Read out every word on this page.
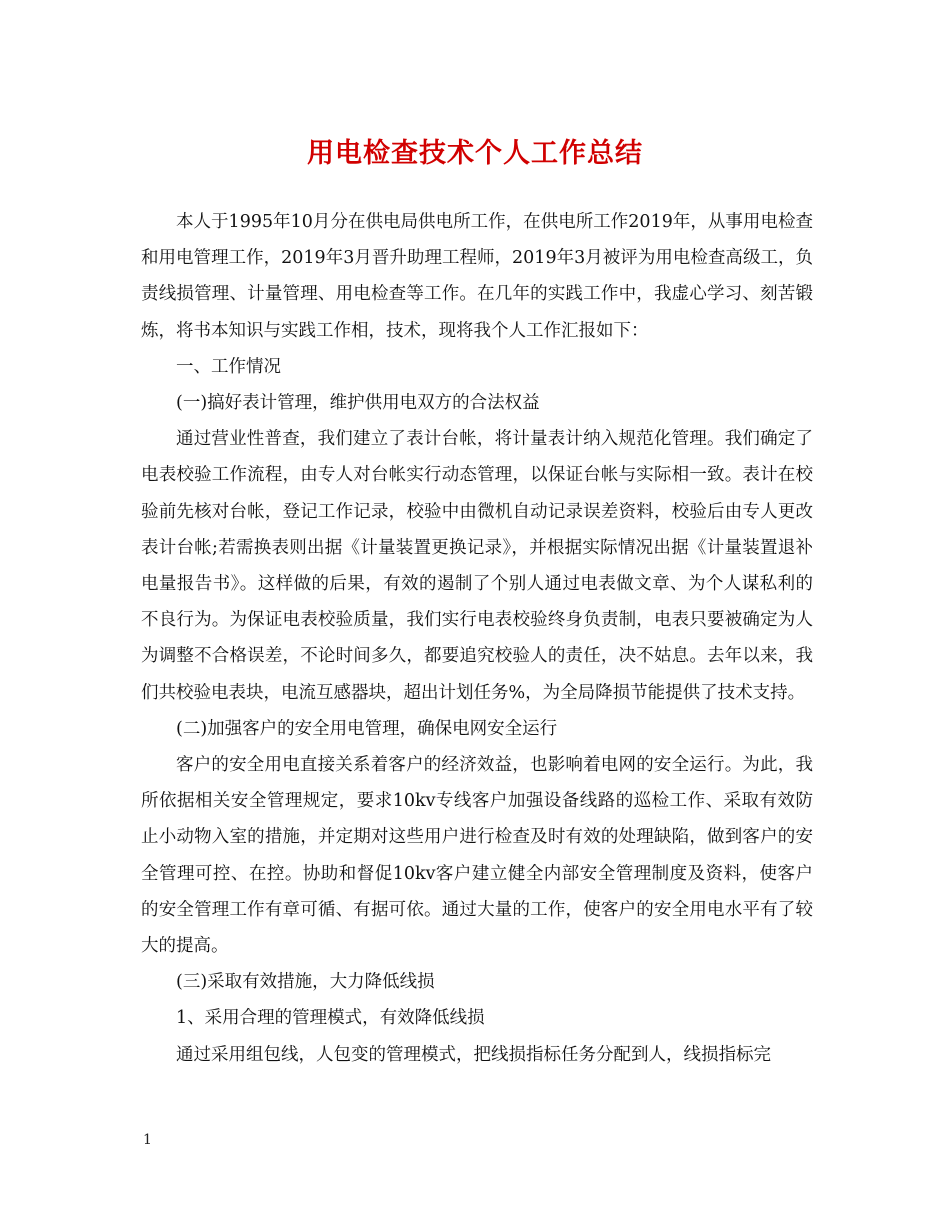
用电检查技术个人工作总结

本人于1995年10月分在供电局供电所工作，在供电所工作2019年，从事用电检查和用电管理工作，2019年3月晋升助理工程师，2019年3月被评为用电检查高级工，负责线损管理、计量管理、用电检查等工作。在几年的实践工作中，我虚心学习、刻苦锻炼，将书本知识与实践工作相，技术，现将我个人工作汇报如下：

一、工作情况

(一)搞好表计管理，维护供用电双方的合法权益

通过营业性普查，我们建立了表计台帐，将计量表计纳入规范化管理。我们确定了电表校验工作流程，由专人对台帐实行动态管理，以保证台帐与实际相一致。表计在校验前先核对台帐，登记工作记录，校验中由微机自动记录误差资料，校验后由专人更改表计台帐;若需换表则出据《计量装置更换记录》，并根据实际情况出据《计量装置退补电量报告书》。这样做的后果，有效的遏制了个别人通过电表做文章、为个人谋私利的不良行为。为保证电表校验质量，我们实行电表校验终身负责制，电表只要被确定为人为调整不合格误差，不论时间多久，都要追究校验人的责任，决不姑息。去年以来，我们共校验电表块，电流互感器块，超出计划任务%，为全局降损节能提供了技术支持。

(二)加强客户的安全用电管理，确保电网安全运行

客户的安全用电直接关系着客户的经济效益，也影响着电网的安全运行。为此，我所依据相关安全管理规定，要求10kv专线客户加强设备线路的巡检工作、采取有效防止小动物入室的措施，并定期对这些用户进行检查及时有效的处理缺陷，做到客户的安全管理可控、在控。协助和督促10kv客户建立健全内部安全管理制度及资料，使客户的安全管理工作有章可循、有据可依。通过大量的工作，使客户的安全用电水平有了较大的提高。

(三)采取有效措施，大力降低线损

1、采用合理的管理模式，有效降低线损

通过采用组包线，人包变的管理模式，把线损指标任务分配到人，线损指标完

1
